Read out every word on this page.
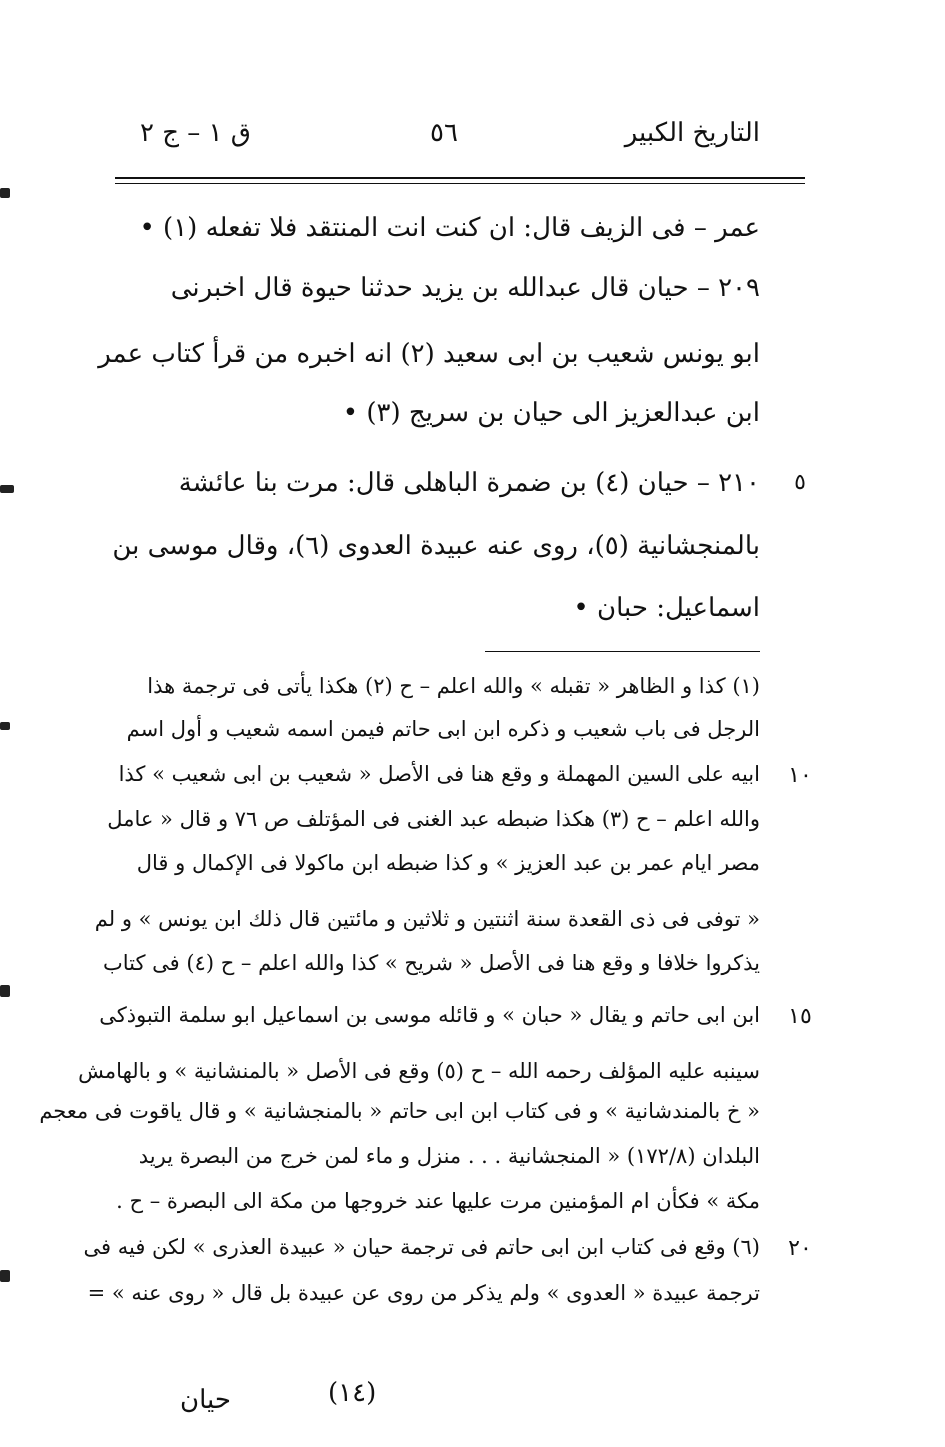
ق ١ – ج ٢	٥٦	التاريخ الكبير
عمر – فى الزيف قال: ان كنت انت المنتقد فلا تفعله (١) •
٢٠٩ – حيان قال عبدالله بن يزيد حدثنا حيوة قال اخبرنى
ابو يونس شعيب بن ابى سعيد (٢) انه اخبره من قرأ كتاب عمر
ابن عبدالعزيز الى حيان بن سريج (٣) •
٢١٠ – حيان (٤) بن ضمرة الباهلى قال: مرت بنا عائشة
بالمنجشانية (٥)، روى عنه عبيدة العدوى (٦)، وقال موسى بن
اسماعيل: حبان •
٥
(١) كذا و الظاهر « تقبله » والله اعلم – ح (٢) هكذا يأتى فى ترجمة هذا
الرجل فى باب شعيب و ذكره ابن ابى حاتم فيمن اسمه شعيب و أول اسم
ابيه على السين المهملة و وقع هنا فى الأصل « شعيب بن ابى شعيب » كذا
والله اعلم – ح (٣) هكذا ضبطه عبد الغنى فى المؤتلف ص ٧٦ و قال « عامل
مصر ايام عمر بن عبد العزيز » و كذا ضبطه ابن ماكولا فى الإكمال و قال
« توفى فى ذى القعدة سنة اثنتين و ثلاثين و مائتين قال ذلك ابن يونس » و لم
يذكروا خلافا و وقع هنا فى الأصل « شريح » كذا والله اعلم – ح (٤) فى كتاب
ابن ابى حاتم و يقال « حبان » و قائله موسى بن اسماعيل ابو سلمة التبوذكى
سينبه عليه المؤلف رحمه الله – ح (٥) وقع فى الأصل « بالمنشانية » و بالهامش
« خ بالمندشانية » و فى كتاب ابن ابى حاتم « بالمنجشانية » و قال ياقوت فى معجم
البلدان (١٧٢/٨) « المنجشانية . . . منزل و ماء لمن خرج من البصرة يريد
مكة » فكأن ام المؤمنين مرت عليها عند خروجها من مكة الى البصرة – ح .
(٦) وقع فى كتاب ابن ابى حاتم فى ترجمة حيان « عبيدة العذرى » لكن فيه فى
ترجمة عبيدة « العدوى » ولم يذكر من روى عن عبيدة بل قال « روى عنه » =
١٠
١٥
٢٠
(١٤)
حيان
